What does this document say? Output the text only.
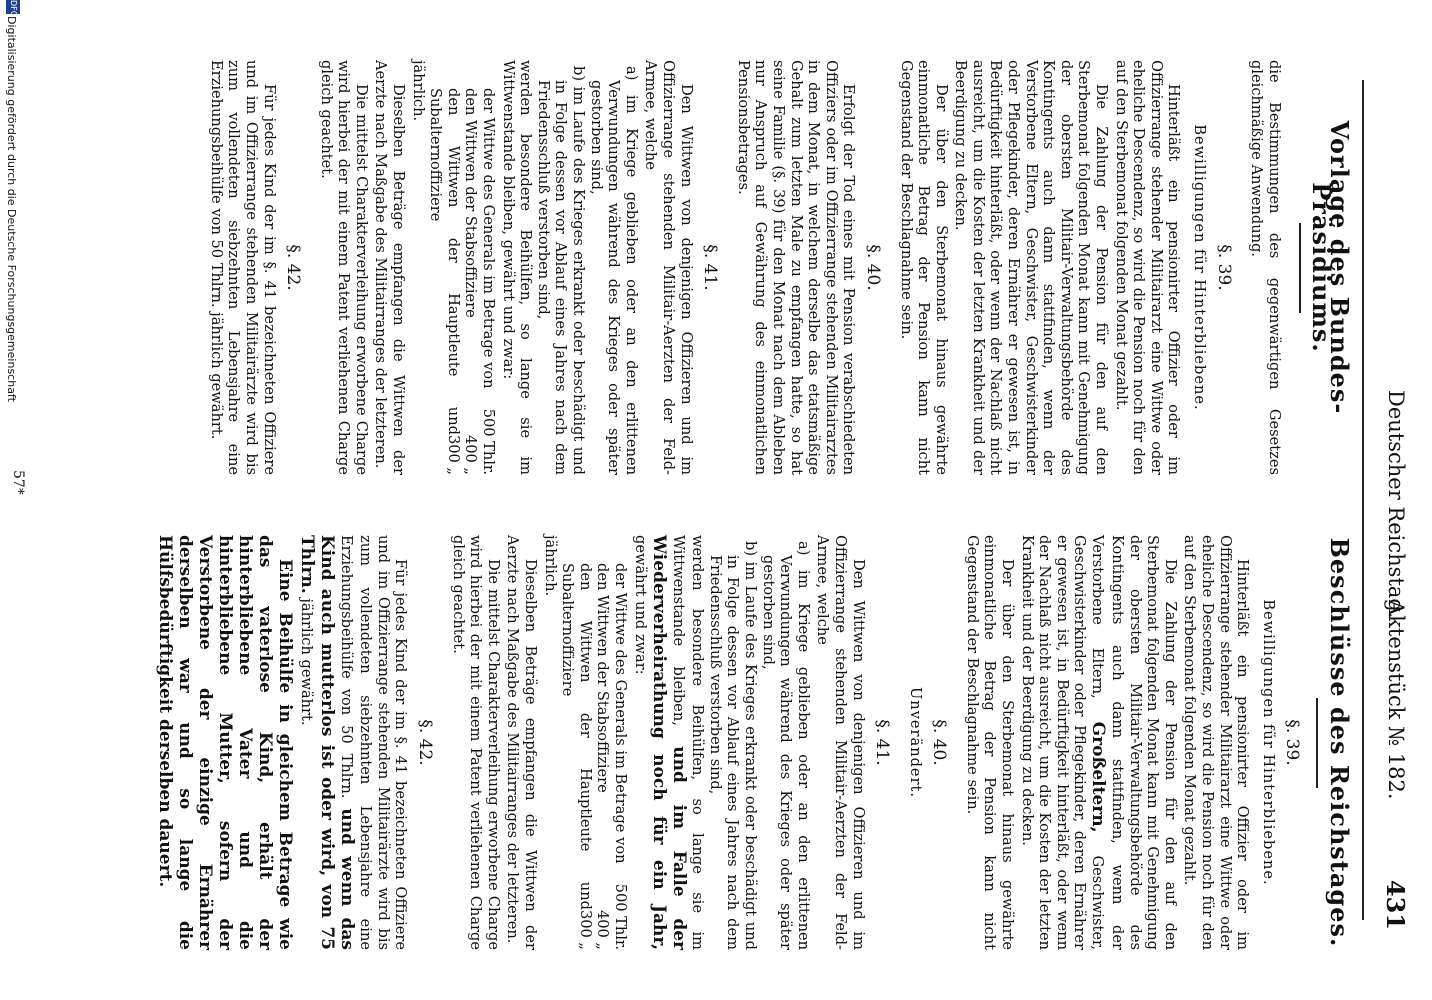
Deutscher Reichstag.
Aktenstück № 182.
431
Vorlage des Bundes-Präsidiums.

die Bestimmungen des gegenwärtigen Gesetzes gleichmäßige Anwendung.

§. 39.
Bewilligungen für Hinterbliebene.

Hinterläßt ein pensionirter Offizier oder im Offizierrange stehender Militairarzt eine Wittwe oder eheliche Descendenz, so wird die Pension noch für den auf den Sterbemonat folgenden Monat gezahlt.

Die Zahlung der Pension für den auf den Sterbemonat folgenden Monat kann mit Genehmigung der obersten Militair-Verwaltungsbehörde des Kontingents auch dann stattfinden, wenn der Verstorbene Eltern, Geschwister, Geschwisterkinder oder Pflegekinder, deren Ernährer er gewesen ist, in Bedürftigkeit hinterläßt, oder wenn der Nachlaß nicht ausreicht, um die Kosten der letzten Krankheit und der Beerdigung zu decken.

Der über den Sterbemonat hinaus gewährte einmonatliche Betrag der Pension kann nicht Gegenstand der Beschlagnahme sein.

§. 40.

Erfolgt der Tod eines mit Pension verabschiedeten Offiziers oder im Offizierrange stehenden Militairarztes in dem Monat, in welchem derselbe das etatsmäßige Gehalt zum letzten Male zu empfangen hatte, so hat seine Familie (§. 39) für den Monat nach dem Ableben nur Anspruch auf Gewährung des einmonatlichen Pensionsbetrages.

§. 41.

Den Wittwen von denjenigen Offizieren und im Offizierrange stehenden Militair-Aerzten der Feld-Armee, welche

a) im Kriege geblieben oder an den erlittenen Verwundungen während des Krieges oder später gestorben sind,

b) im Laufe des Krieges erkrankt oder beschädigt und in Folge dessen vor Ablauf eines Jahres nach dem Friedensschluß verstorben sind,

werden besondere Beihülfen, so lange sie im Wittwenstande bleiben, gewährt und zwar:

der Wittwe des Generals im Betrage von
500 Thlr.
den Wittwen der Stabsoffiziere
400 „
den Wittwen der Hauptleute und Subalternoffiziere
300 „

jährlich.

Dieselben Beträge empfangen die Wittwen der Aerzte nach Maßgabe des Militairranges der letzteren.

Die mittelst Charakterverleihung erworbene Charge wird hierbei der mit einem Patent verliehenen Charge gleich geachtet.

§. 42.

Für jedes Kind der im §. 41 bezeichneten Offiziere und im Offizierrange stehenden Militairärzte wird bis zum vollendeten siebzehnten Lebensjahre eine Erziehungsbeihülfe von 50 Thlrn. jährlich gewährt.

Beschlüsse des Reichstages.
§. 39.
Bewilligungen für Hinterbliebene.

Hinterläßt ein pensionirter Offizier oder im Offizierrange stehender Militairarzt eine Wittwe oder eheliche Descendenz, so wird die Pension noch für den auf den Sterbemonat folgenden Monat gezahlt.

Die Zahlung der Pension für den auf den Sterbemonat folgenden Monat kann mit Genehmigung der obersten Militair-Verwaltungsbehörde des Kontingents auch dann stattfinden, wenn der Verstorbene Eltern, Großeltern, Geschwister, Geschwisterkinder oder Pflegekinder, deren Ernährer er gewesen ist, in Bedürftigkeit hinterläßt, oder wenn der Nachlaß nicht ausreicht, um die Kosten der letzten Krankheit und der Beerdigung zu decken.

Der über den Sterbemonat hinaus gewährte einmonatliche Betrag der Pension kann nicht Gegenstand der Beschlagnahme sein.

§. 40.
Unverändert.
§. 41.

Den Wittwen von denjenigen Offizieren und im Offizierrange stehenden Militair-Aerzten der Feld-Armee, welche

a) im Kriege geblieben oder an den erlittenen Verwundungen während des Krieges oder später gestorben sind,

b) im Laufe des Krieges erkrankt oder beschädigt und in Folge dessen vor Ablauf eines Jahres nach dem Friedensschluß verstorben sind,

werden besondere Beihülfen, so lange sie im Wittwenstande bleiben, und im Falle der Wiederverheirathung noch für ein Jahr, gewährt und zwar:

der Wittwe des Generals im Betrage von
500 Thlr.
den Wittwen der Stabsoffiziere
400 „
den Wittwen der Hauptleute und Subalternoffiziere
300 „

jährlich.

Dieselben Beträge empfangen die Wittwen der Aerzte nach Maßgabe des Militairranges der letzteren.

Die mittelst Charakterverleihung erworbene Charge wird hierbei der mit einem Patent verliehenen Charge gleich geachtet.

§. 42.

Für jedes Kind der im §. 41 bezeichneten Offiziere und im Offizierrange stehenden Militairärzte wird bis zum vollendeten siebzehnten Lebensjahre eine Erziehungsbeihülfe von 50 Thlrn. und wenn das Kind auch mutterlos ist oder wird, von 75 Thlrn. jährlich gewährt.

Eine Beihülfe in gleichem Betrage wie das vaterlose Kind, erhält der hinterbliebene Vater und die hinterbliebene Mutter, sofern der Verstorbene der einzige Ernährer derselben war und so lange die Hülfsbedürftigkeit derselben dauert.

57*
DFG
Digitalisierung gefördert durch die Deutsche Forschungsgemeinschaft
